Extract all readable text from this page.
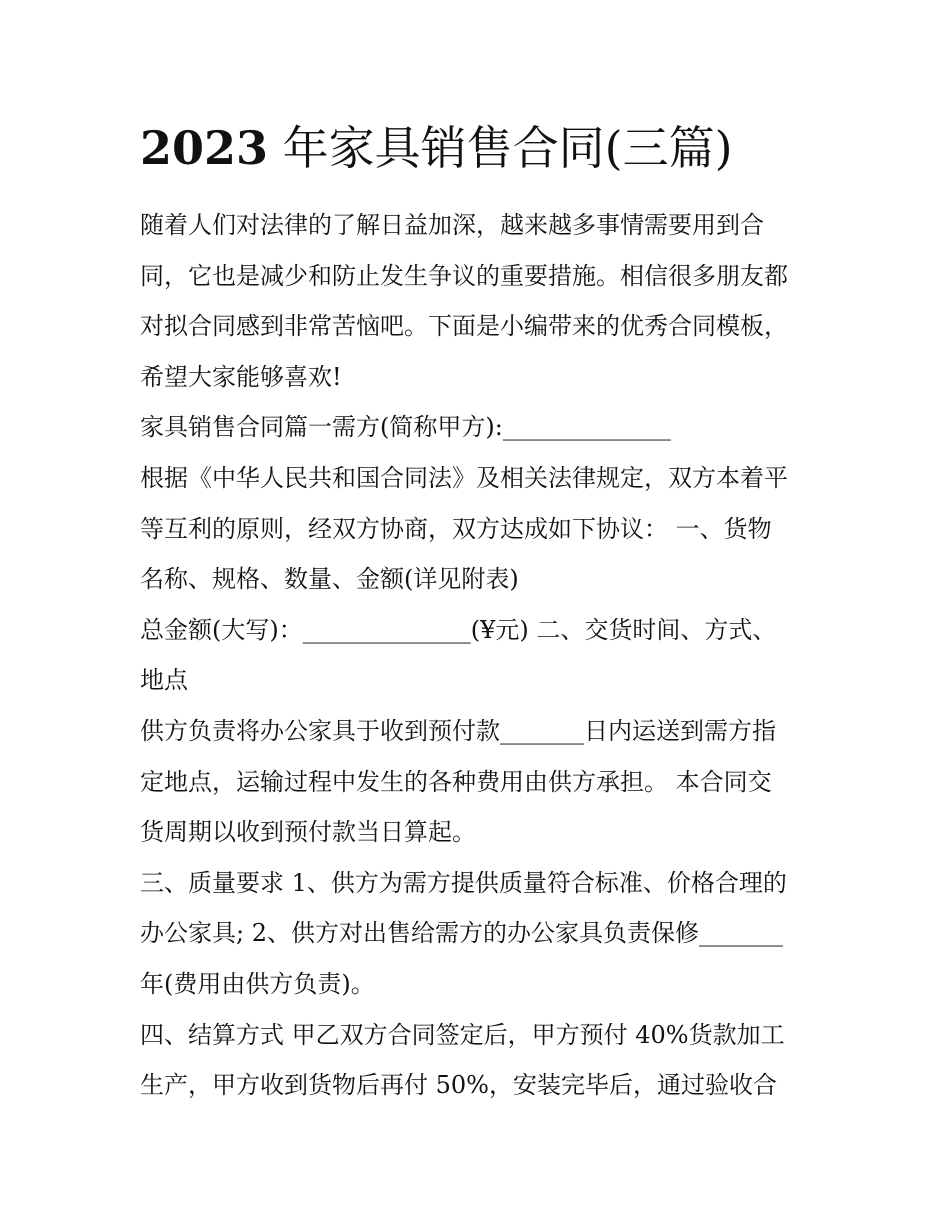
2023 年家具销售合同(三篇)
随着人们对法律的了解日益加深，越来越多事情需要用到合
同，它也是减少和防止发生争议的重要措施。相信很多朋友都
对拟合同感到非常苦恼吧。下面是小编带来的优秀合同模板，
希望大家能够喜欢!
家具销售合同篇一需方(简称甲方):______________
根据《中华人民共和国合同法》及相关法律规定，双方本着平
等互利的原则，经双方协商，双方达成如下协议： 一、货物
名称、规格、数量、金额(详见附表)
总金额(大写)：______________(¥元) 二、交货时间、方式、
地点
供方负责将办公家具于收到预付款_______日内运送到需方指
定地点，运输过程中发生的各种费用由供方承担。 本合同交
货周期以收到预付款当日算起。
三、质量要求 1、供方为需方提供质量符合标准、价格合理的
办公家具; 2、供方对出售给需方的办公家具负责保修_______
年(费用由供方负责)。
四、结算方式 甲乙双方合同签定后，甲方预付 40%货款加工
生产，甲方收到货物后再付 50%，安装完毕后，通过验收合
